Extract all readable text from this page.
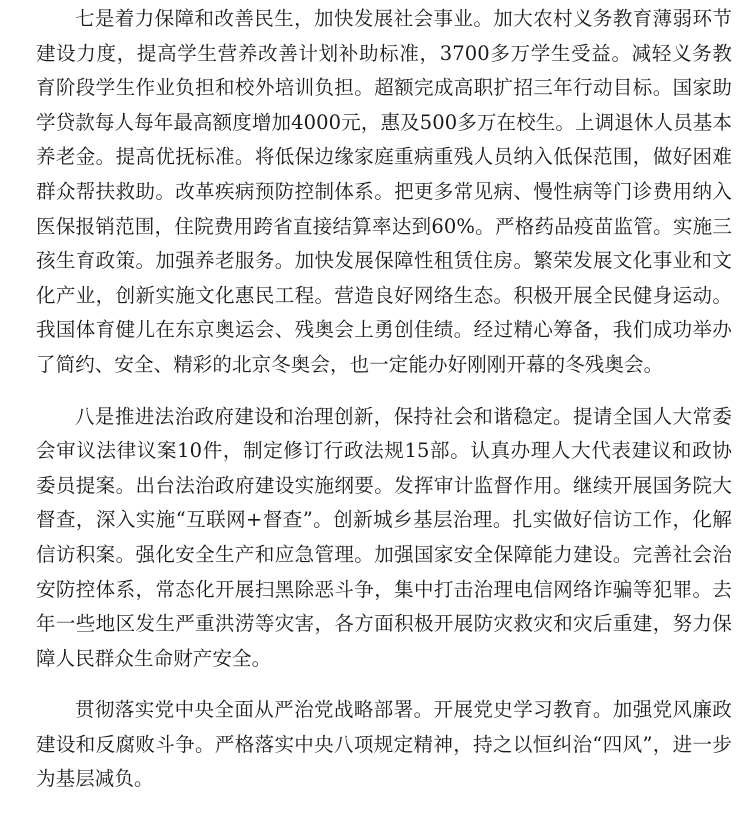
七是着力保障和改善民生，加快发展社会事业。加大农村义务教育薄弱环节建设力度，提高学生营养改善计划补助标准，3700多万学生受益。减轻义务教育阶段学生作业负担和校外培训负担。超额完成高职扩招三年行动目标。国家助学贷款每人每年最高额度增加4000元，惠及500多万在校生。上调退休人员基本养老金。提高优抚标准。将低保边缘家庭重病重残人员纳入低保范围，做好困难群众帮扶救助。改革疾病预防控制体系。把更多常见病、慢性病等门诊费用纳入医保报销范围，住院费用跨省直接结算率达到60%。严格药品疫苗监管。实施三孩生育政策。加强养老服务。加快发展保障性租赁住房。繁荣发展文化事业和文化产业，创新实施文化惠民工程。营造良好网络生态。积极开展全民健身运动。我国体育健儿在东京奥运会、残奥会上勇创佳绩。经过精心筹备，我们成功举办了简约、安全、精彩的北京冬奥会，也一定能办好刚刚开幕的冬残奥会。

八是推进法治政府建设和治理创新，保持社会和谐稳定。提请全国人大常委会审议法律议案10件，制定修订行政法规15部。认真办理人大代表建议和政协委员提案。出台法治政府建设实施纲要。发挥审计监督作用。继续开展国务院大督查，深入实施“互联网+督查”。创新城乡基层治理。扎实做好信访工作，化解信访积案。强化安全生产和应急管理。加强国家安全保障能力建设。完善社会治安防控体系，常态化开展扫黑除恶斗争，集中打击治理电信网络诈骗等犯罪。去年一些地区发生严重洪涝等灾害，各方面积极开展防灾救灾和灾后重建，努力保障人民群众生命财产安全。

贯彻落实党中央全面从严治党战略部署。开展党史学习教育。加强党风廉政建设和反腐败斗争。严格落实中央八项规定精神，持之以恒纠治“四风”，进一步为基层减负。
